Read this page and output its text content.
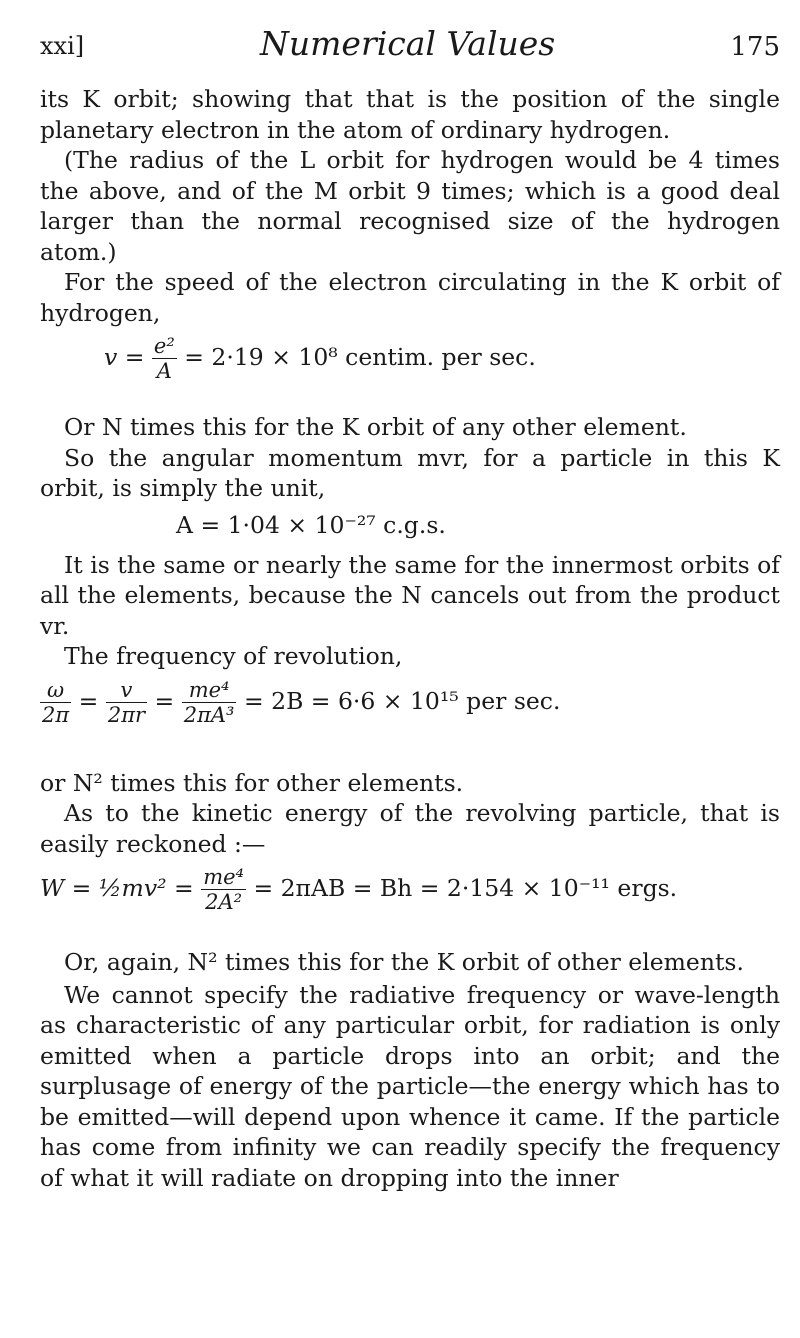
xxi]	Numerical Values	175

its K orbit; showing that that is the position of the single planetary electron in the atom of ordinary hydrogen.

(The radius of the L orbit for hydrogen would be 4 times the above, and of the M orbit 9 times; which is a good deal larger than the normal recognised size of the hydrogen atom.)

For the speed of the electron circulating in the K orbit of hydrogen,

$v = \frac{\text{e²}}{A} = 2\cdot 19 \times 10^8$ centim. per sec.

Or N times this for the K orbit of any other element.

So the angular momentum mvr, for a particle in this K orbit, is simply the unit,

A = 1·04 × 10⁻²⁷ c.g.s.

It is the same or nearly the same for the innermost orbits of all the elements, because the N cancels out from the product vr.

The frequency of revolution,

$\frac{\omega}{2\pi} = \frac{v}{2\pi r} = \frac{\text{me⁴}}{\text{2πA³}} = 2B = 6\cdot 6 \times 10^{15}$ per sec.

or N² times this for other elements.

As to the kinetic energy of the revolving particle, that is easily reckoned :—

W = ½mv² = $\frac{\text{me⁴}}{\text{2A²}} = 2\pi AB = Bh = 2\cdot 154 \times 10^{-11}$ ergs.

Or, again, N² times this for the K orbit of other elements.

We cannot specify the radiative frequency or wave-length as characteristic of any particular orbit, for radiation is only emitted when a particle drops into an orbit; and the surplusage of energy of the particle—the energy which has to be emitted—will depend upon whence it came. If the particle has come from infinity we can readily specify the frequency of what it will radiate on dropping into the inner
